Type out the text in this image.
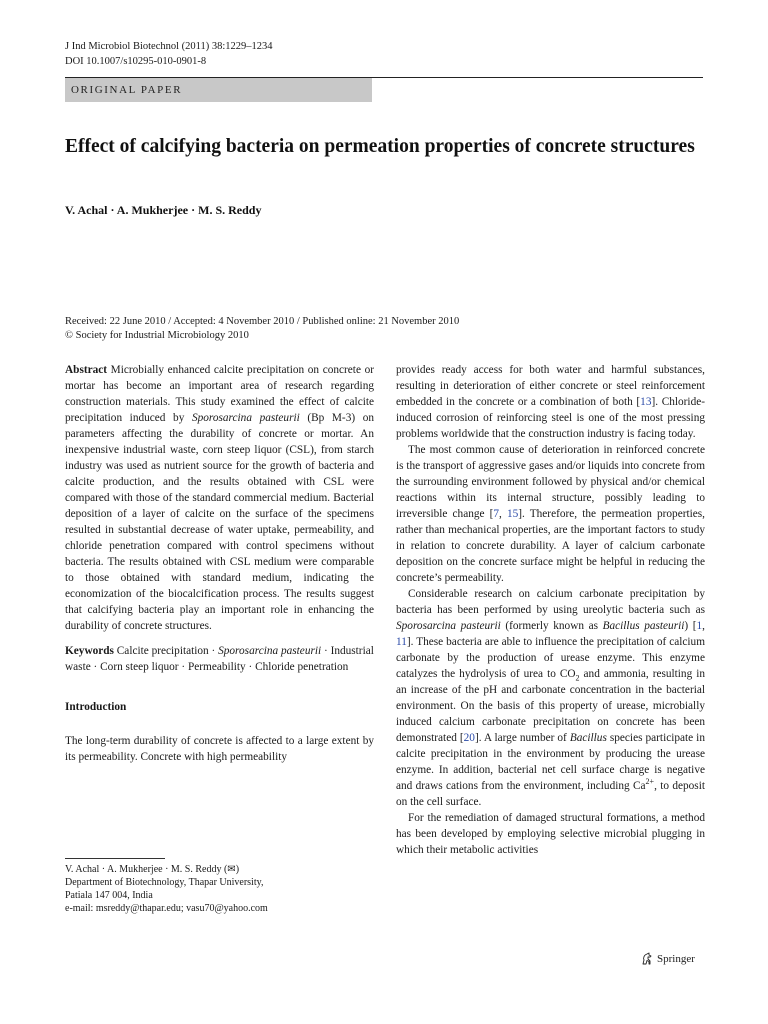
J Ind Microbiol Biotechnol (2011) 38:1229–1234
DOI 10.1007/s10295-010-0901-8
ORIGINAL PAPER
Effect of calcifying bacteria on permeation properties of concrete structures
V. Achal · A. Mukherjee · M. S. Reddy
Received: 22 June 2010 / Accepted: 4 November 2010 / Published online: 21 November 2010
© Society for Industrial Microbiology 2010

Abstract Microbially enhanced calcite precipitation on concrete or mortar has become an important area of research regarding construction materials. This study examined the effect of calcite precipitation induced by Sporosarcina pasteurii (Bp M-3) on parameters affecting the durability of concrete or mortar. An inexpensive industrial waste, corn steep liquor (CSL), from starch industry was used as nutrient source for the growth of bacteria and calcite production, and the results obtained with CSL were compared with those of the standard commercial medium. Bacterial deposition of a layer of calcite on the surface of the specimens resulted in substantial decrease of water uptake, permeability, and chloride penetration compared with control specimens without bacteria. The results obtained with CSL medium were comparable to those obtained with standard medium, indicating the economization of the biocalcification process. The results suggest that calcifying bacteria play an important role in enhancing the durability of concrete structures.

Keywords Calcite precipitation · Sporosarcina pasteurii · Industrial waste · Corn steep liquor · Permeability · Chloride penetration

Introduction

The long-term durability of concrete is affected to a large extent by its permeability. Concrete with high permeability

V. Achal · A. Mukherjee · M. S. Reddy (✉)
Department of Biotechnology, Thapar University,
Patiala 147 004, India
e-mail: msreddy@thapar.edu; vasu70@yahoo.com

provides ready access for both water and harmful substances, resulting in deterioration of either concrete or steel reinforcement embedded in the concrete or a combination of both [13]. Chloride-induced corrosion of reinforcing steel is one of the most pressing problems worldwide that the construction industry is facing today.

The most common cause of deterioration in reinforced concrete is the transport of aggressive gases and/or liquids into concrete from the surrounding environment followed by physical and/or chemical reactions within its internal structure, possibly leading to irreversible change [7, 15]. Therefore, the permeation properties, rather than mechanical properties, are the important factors to study in relation to concrete durability. A layer of calcium carbonate deposition on the concrete surface might be helpful in reducing the concrete’s permeability.

Considerable research on calcium carbonate precipitation by bacteria has been performed by using ureolytic bacteria such as Sporosarcina pasteurii (formerly known as Bacillus pasteurii) [1, 11]. These bacteria are able to influence the precipitation of calcium carbonate by the production of urease enzyme. This enzyme catalyzes the hydrolysis of urea to $CO_2$ and ammonia, resulting in an increase of the pH and carbonate concentration in the bacterial environment. On the basis of this property of urease, microbially induced calcium carbonate precipitation on concrete has been demonstrated [20]. A large number of Bacillus species participate in calcite precipitation in the environment by producing the urease enzyme. In addition, bacterial net cell surface charge is negative and draws cations from the environment, including $Ca^{2+}$, to deposit on the cell surface.

For the remediation of damaged structural formations, a method has been developed by employing selective microbial plugging in which their metabolic activities

Springer
